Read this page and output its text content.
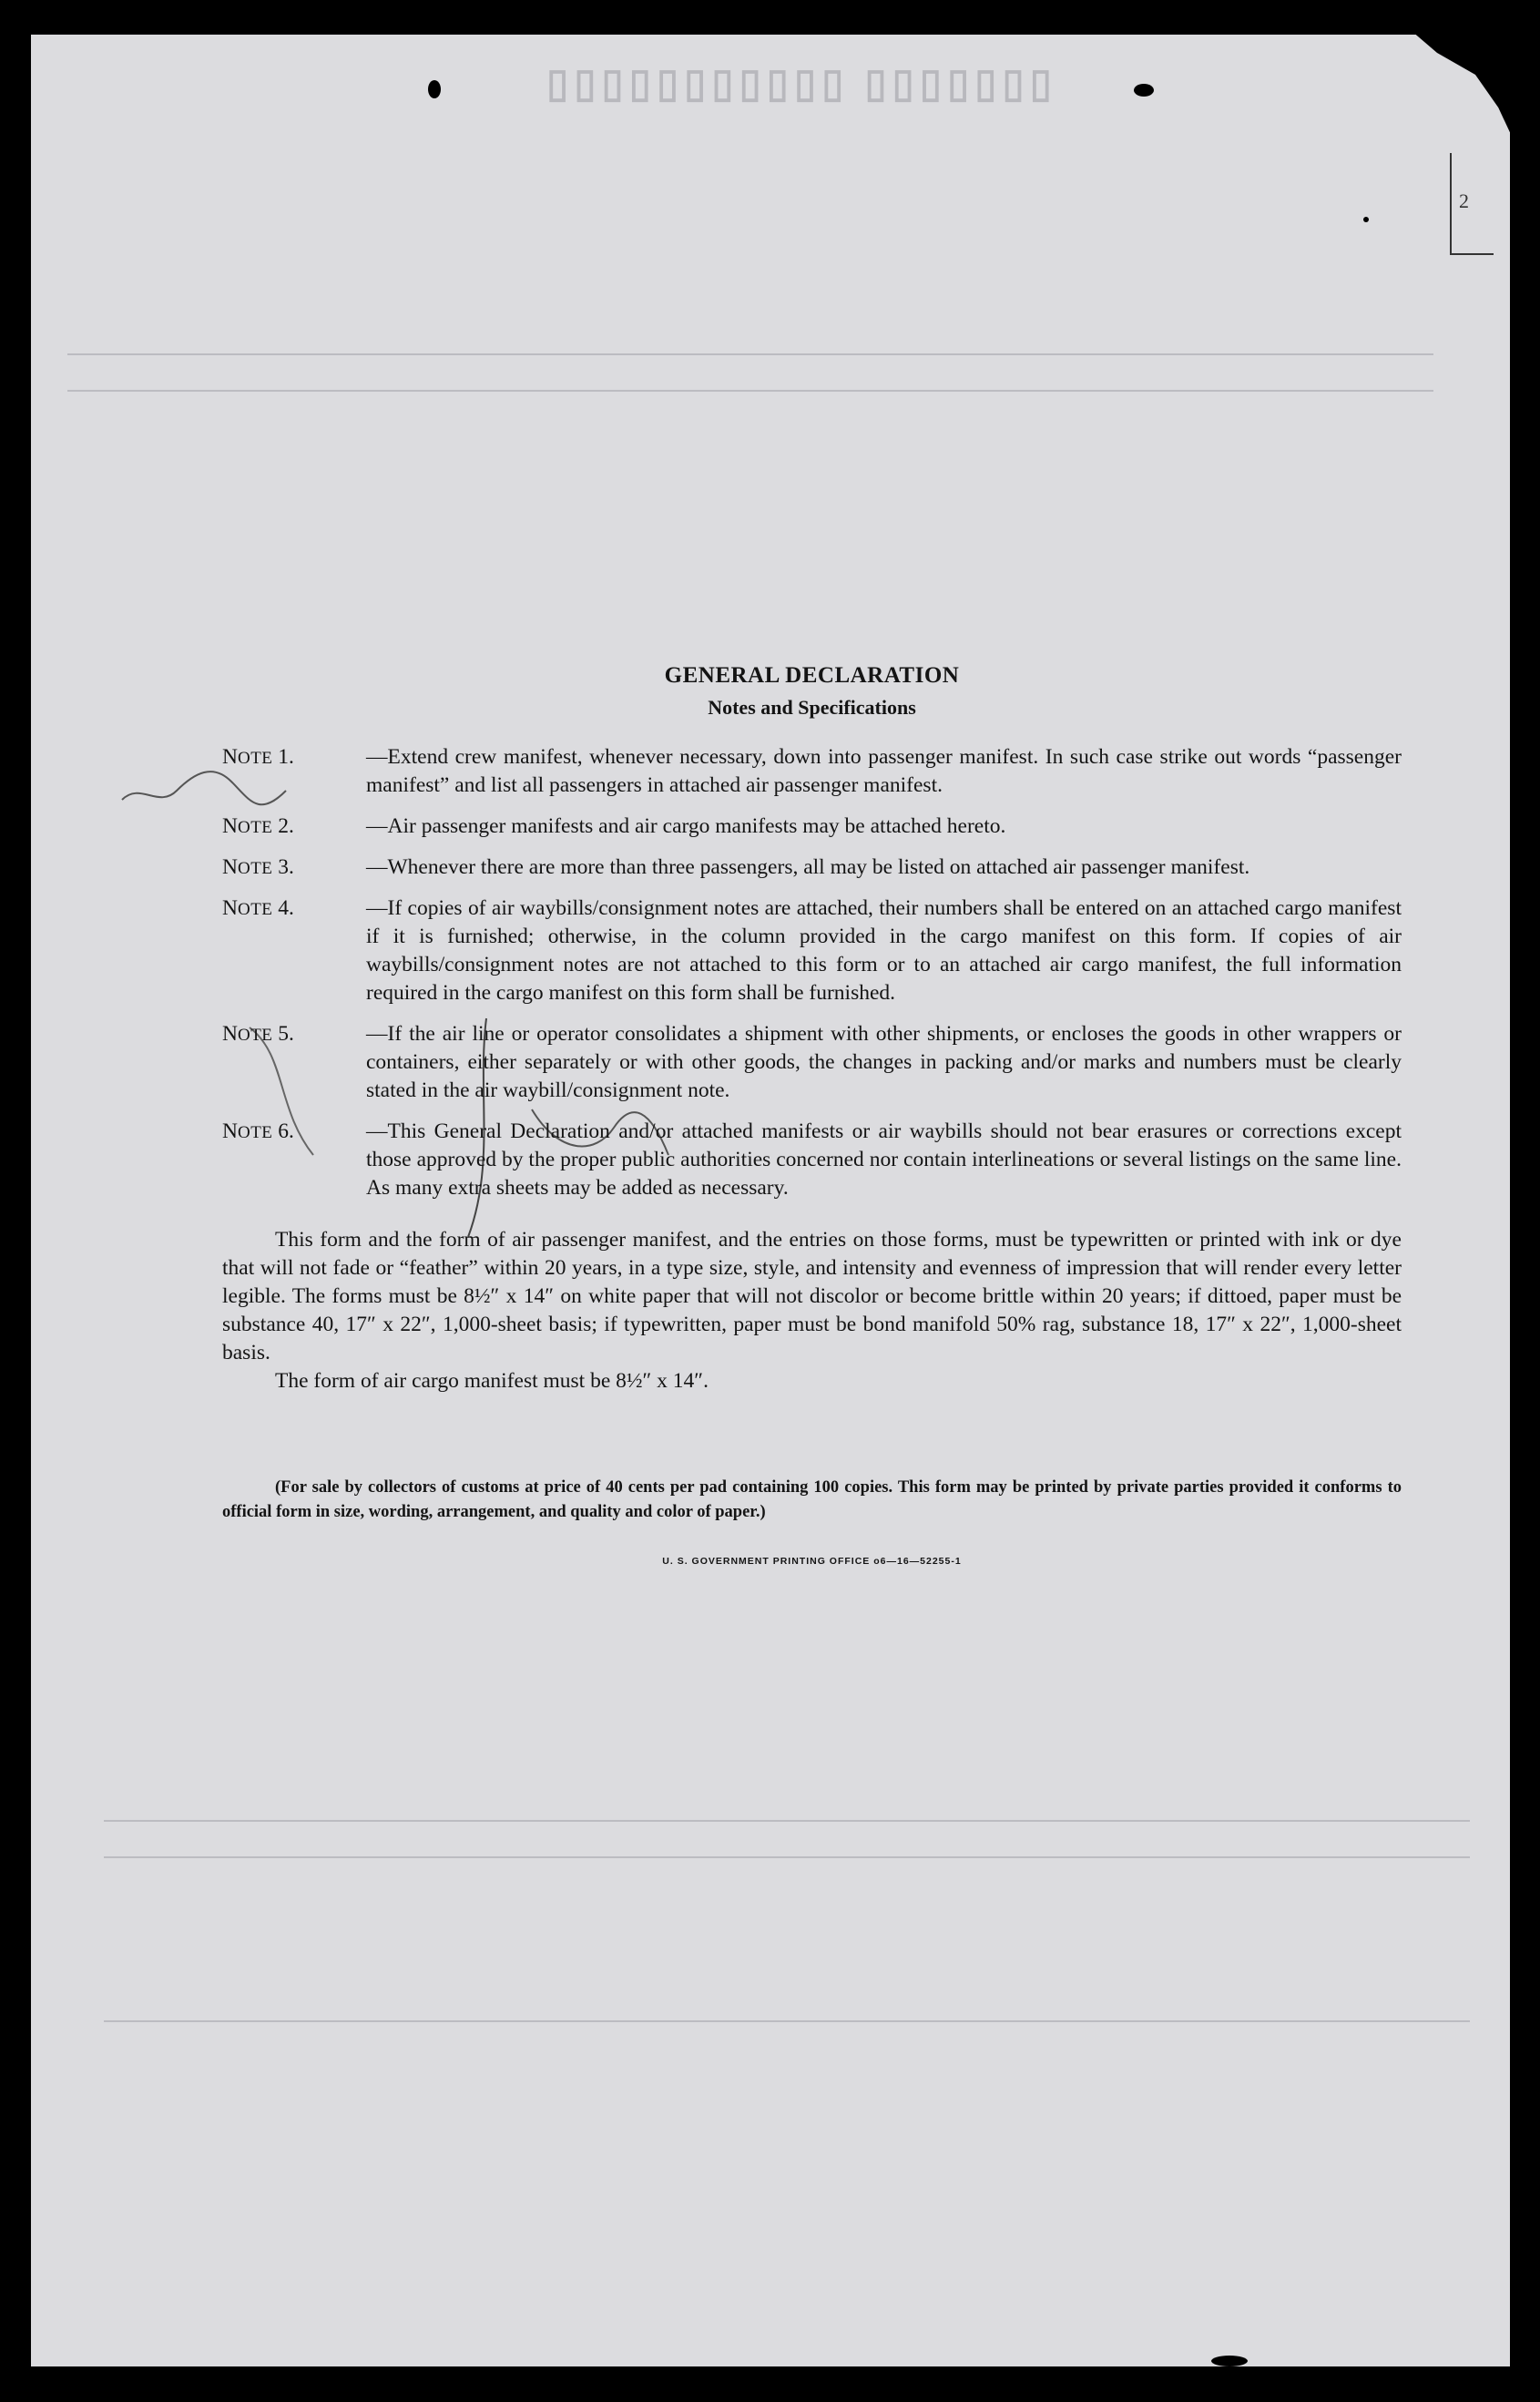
▯▯▯▯▯▯▯ ▯▯▯▯▯▯▯▯▯▯▯
2
GENERAL DECLARATION
Notes and Specifications
NOTE 1.	—Extend crew manifest, whenever necessary, down into passenger manifest. In such case strike out words “passenger manifest” and list all passengers in attached air passenger manifest.
NOTE 2.	—Air passenger manifests and air cargo manifests may be attached hereto.
NOTE 3.	—Whenever there are more than three passengers, all may be listed on attached air passenger manifest.
NOTE 4.	—If copies of air waybills/consignment notes are attached, their numbers shall be entered on an attached cargo manifest if it is furnished; otherwise, in the column provided in the cargo manifest on this form. If copies of air waybills/consignment notes are not attached to this form or to an attached air cargo manifest, the full information required in the cargo manifest on this form shall be furnished.
NOTE 5.	—If the air line or operator consolidates a shipment with other shipments, or encloses the goods in other wrappers or containers, either separately or with other goods, the changes in packing and/or marks and numbers must be clearly stated in the air waybill/consignment note.
NOTE 6.	—This General Declaration and/or attached manifests or air waybills should not bear erasures or corrections except those approved by the proper public authorities concerned nor contain interlineations or several listings on the same line. As many extra sheets may be added as necessary.
This form and the form of air passenger manifest, and the entries on those forms, must be typewritten or printed with ink or dye that will not fade or “feather” within 20 years, in a type size, style, and intensity and evenness of impression that will render every letter legible. The forms must be 8½″ x 14″ on white paper that will not discolor or become brittle within 20 years; if dittoed, paper must be substance 40, 17″ x 22″, 1,000-sheet basis; if typewritten, paper must be bond manifold 50% rag, substance 18, 17″ x 22″, 1,000-sheet basis.
The form of air cargo manifest must be 8½″ x 14″.
(For sale by collectors of customs at price of 40 cents per pad containing 100 copies. This form may be printed by private parties provided it conforms to official form in size, wording, arrangement, and quality and color of paper.)
U. S. GOVERNMENT PRINTING OFFICE o6—16—52255-1
